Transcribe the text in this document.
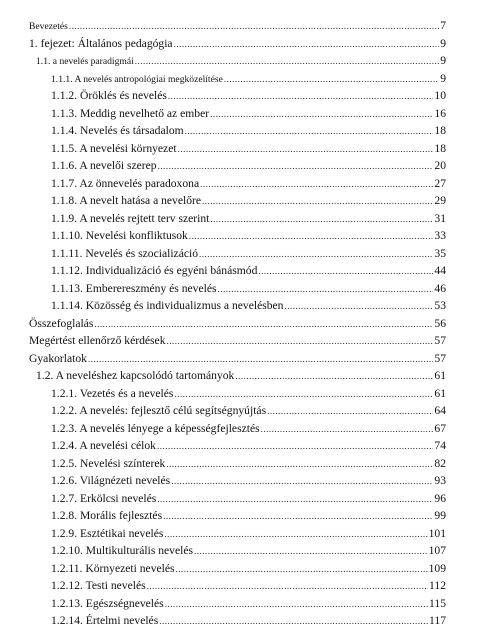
Bevezetés .....	7
1. fejezet: Általános pedagógia .....	9
1.1. a nevelés paradigmái .....	9
1.1.1. A nevelés antropológiai megközelítése .....	9
1.1.2. Öröklés és nevelés .....	10
1.1.3. Meddig nevelhető az ember .....	16
1.1.4. Nevelés és társadalom .....	18
1.1.5. A nevelési környezet .....	18
1.1.6. A nevelői szerep .....	20
1.1.7. Az önnevelés paradoxona .....	27
1.1.8. A nevelt hatása a nevelőre .....	29
1.1.9. A nevelés rejtett terv szerint .....	31
1.1.10. Nevelési konfliktusok .....	33
1.1.11. Nevelés és szocializáció .....	35
1.1.12. Individualizáció és egyéni bánásmód .....	44
1.1.13. Emberereszmény és nevelés .....	46
1.1.14. Közösség és individualizmus a nevelésben .....	53
Összefoglalás .....	56
Megértést ellenőrző kérdések .....	57
Gyakorlatok .....	57
1.2. A neveléshez kapcsolódó tartományok .....	61
1.2.1. Vezetés és a nevelés .....	61
1.2.2. A nevelés: fejlesztő célú segítségnyújtás .....	64
1.2.3. A nevelés lényege a képességfejlesztés .....	67
1.2.4. A nevelési célok .....	74
1.2.5. Nevelési színterek .....	82
1.2.6. Világnézeti nevelés .....	93
1.2.7. Erkölcsi nevelés .....	96
1.2.8. Morális fejlesztés .....	99
1.2.9. Esztétikai nevelés .....	101
1.2.10. Multikulturális nevelés .....	107
1.2.11. Környezeti nevelés .....	109
1.2.12. Testi nevelés .....	112
1.2.13. Egészségnevelés .....	115
1.2.14. Értelmi nevelés .....	117
